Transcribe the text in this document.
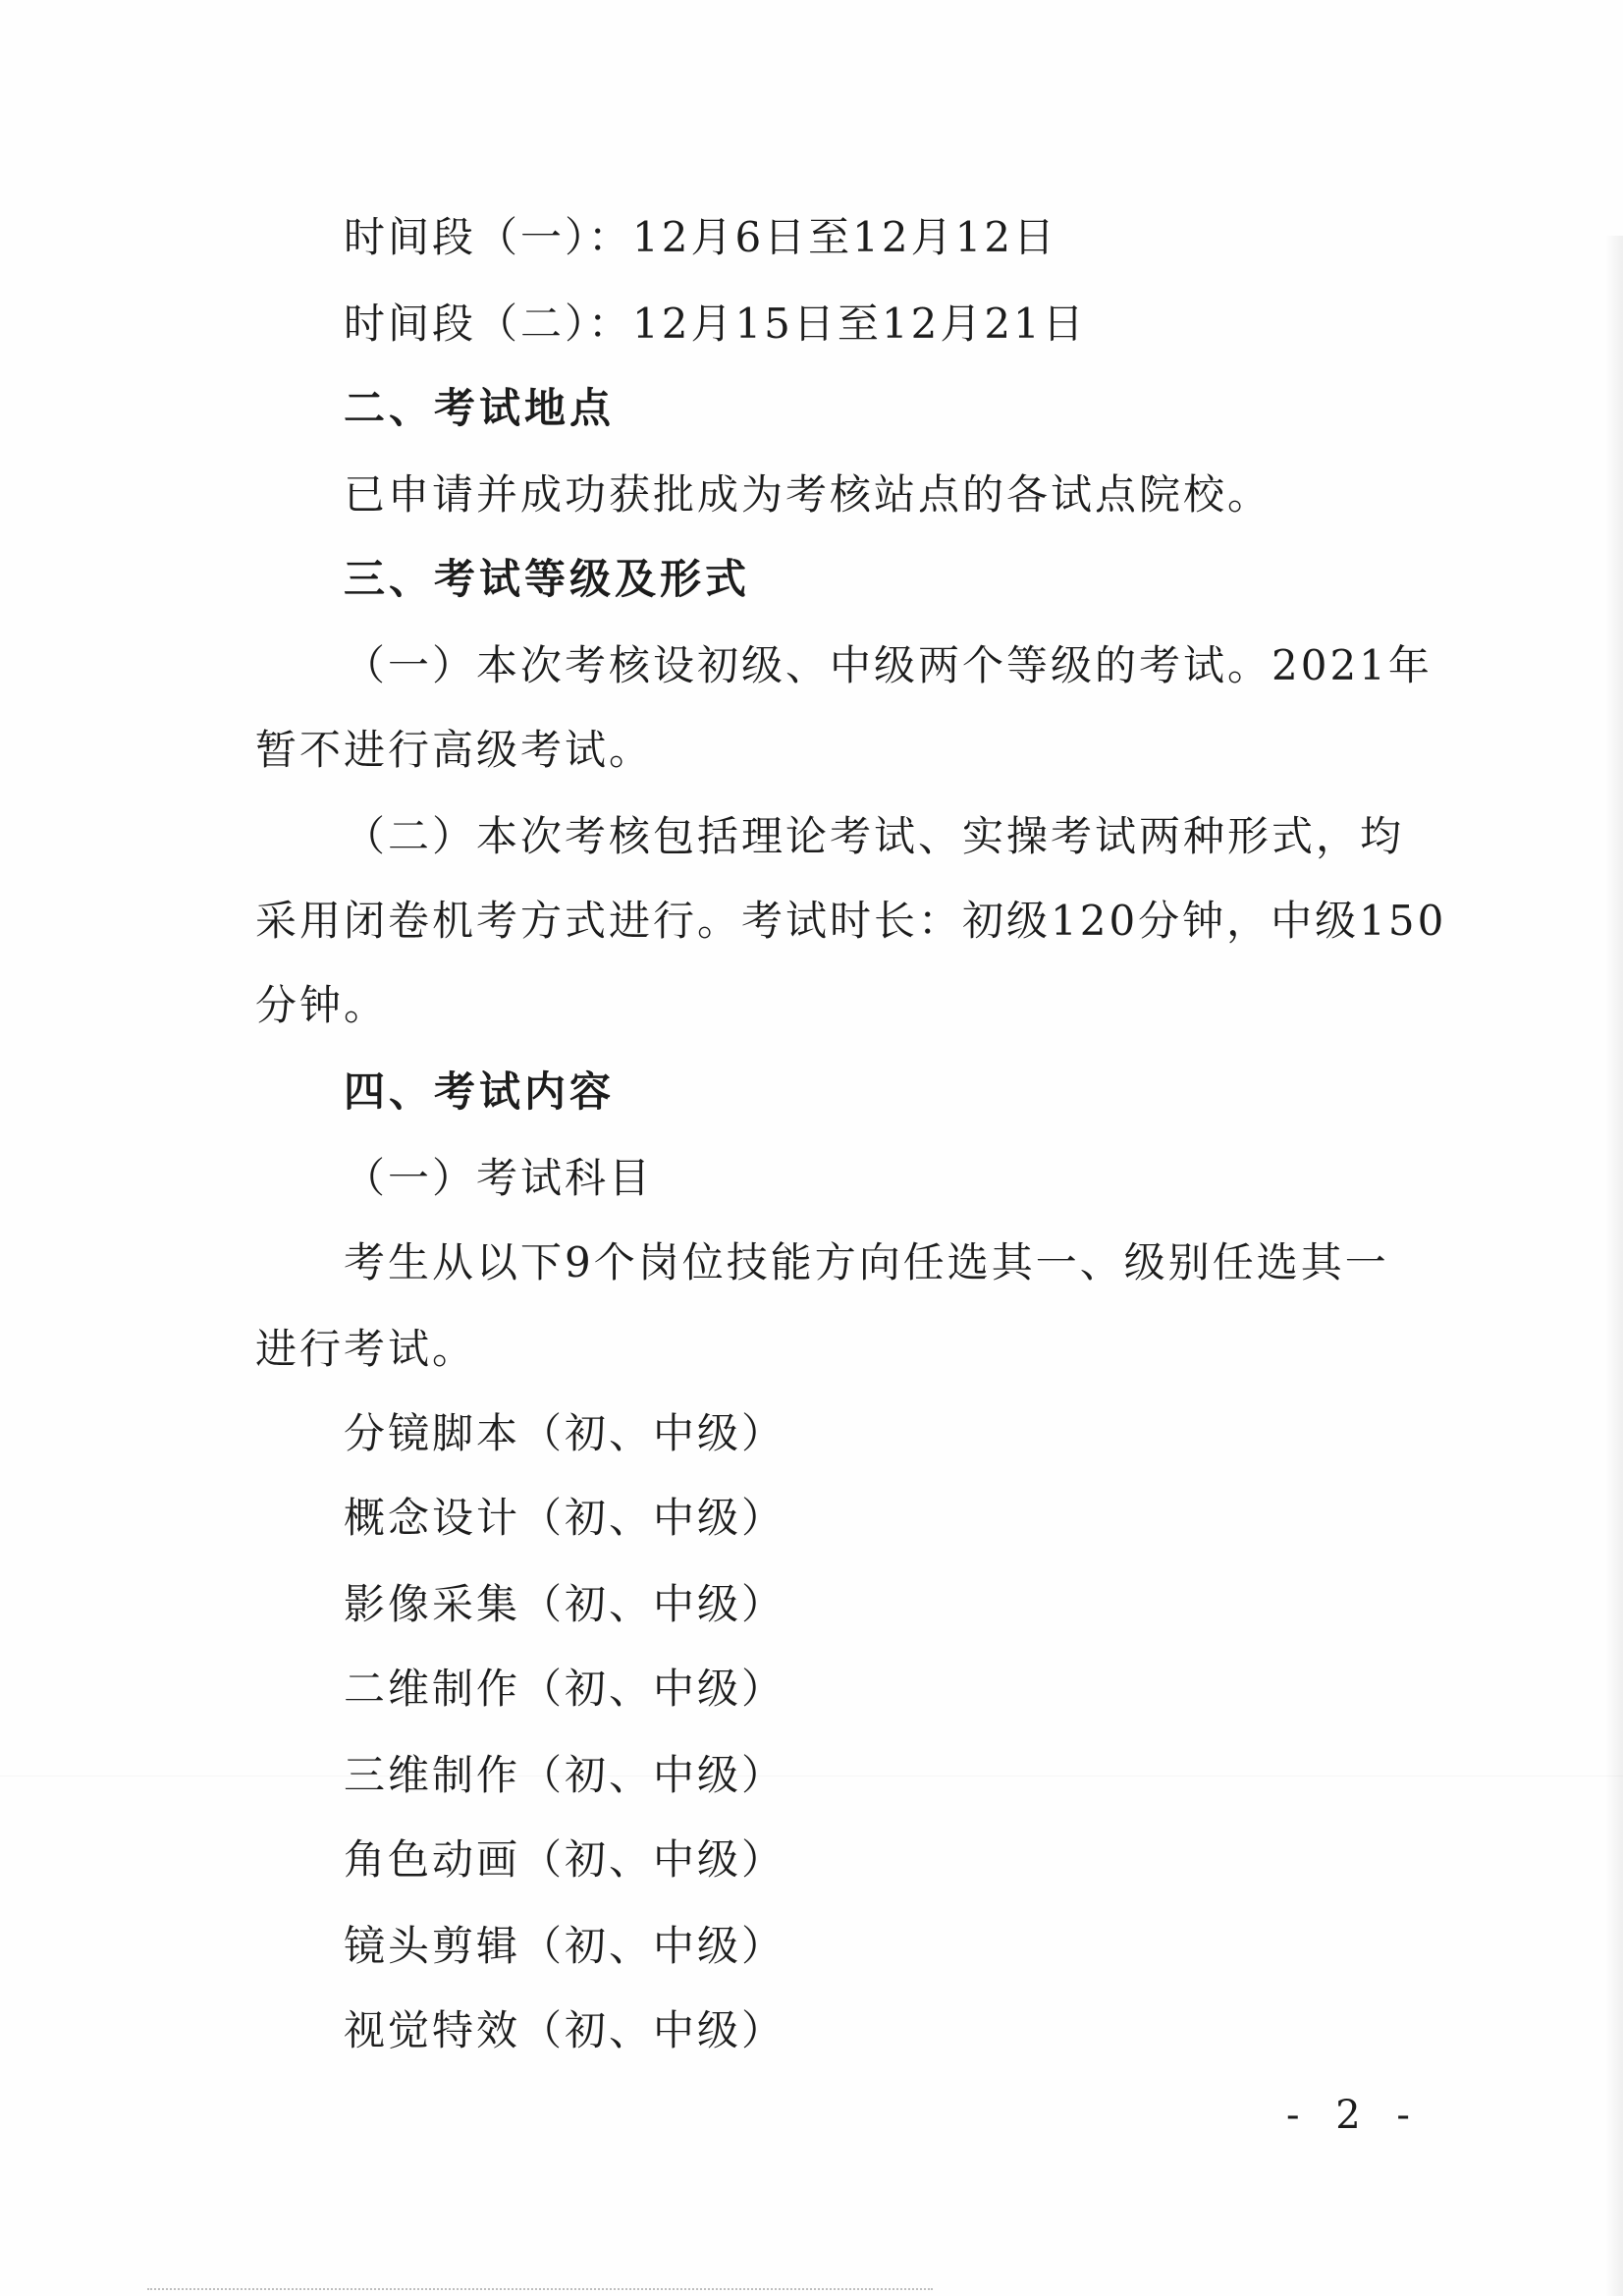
时间段（一）：12月6日至12月12日
时间段（二）：12月15日至12月21日
二、考试地点
已申请并成功获批成为考核站点的各试点院校。
三、考试等级及形式
（一）本次考核设初级、中级两个等级的考试。2021年
暂不进行高级考试。
（二）本次考核包括理论考试、实操考试两种形式，均
采用闭卷机考方式进行。考试时长：初级120分钟，中级150
分钟。
四、考试内容
（一）考试科目
考生从以下9个岗位技能方向任选其一、级别任选其一
进行考试。
分镜脚本（初、中级）
概念设计（初、中级）
影像采集（初、中级）
二维制作（初、中级）
三维制作（初、中级）
角色动画（初、中级）
镜头剪辑（初、中级）
视觉特效（初、中级）
- 2 -
